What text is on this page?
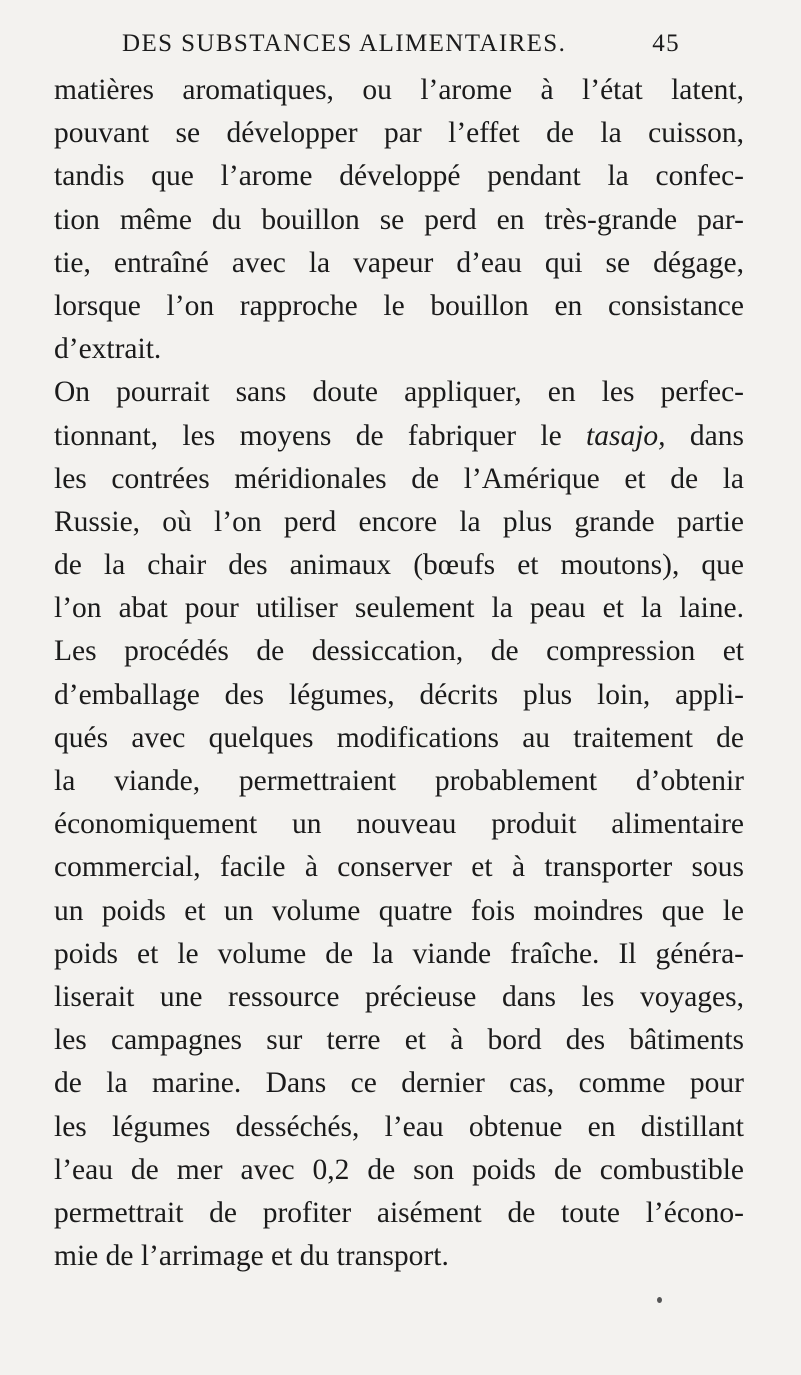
DES SUBSTANCES ALIMENTAIRES.	45
matières aromatiques, ou l’arome à l’état latent,
pouvant se développer par l’effet de la cuisson,
tandis que l’arome développé pendant la confec-
tion même du bouillon se perd en très-grande par-
tie, entraîné avec la vapeur d’eau qui se dégage,
lorsque l’on rapproche le bouillon en consistance
d’extrait.
On pourrait sans doute appliquer, en les perfec-
tionnant, les moyens de fabriquer le tasajo, dans
les contrées méridionales de l’Amérique et de la
Russie, où l’on perd encore la plus grande partie
de la chair des animaux (bœufs et moutons), que
l’on abat pour utiliser seulement la peau et la laine.
Les procédés de dessiccation, de compression et
d’emballage des légumes, décrits plus loin, appli-
qués avec quelques modifications au traitement de
la viande, permettraient probablement d’obtenir
économiquement un nouveau produit alimentaire
commercial, facile à conserver et à transporter sous
un poids et un volume quatre fois moindres que le
poids et le volume de la viande fraîche. Il généra-
liserait une ressource précieuse dans les voyages,
les campagnes sur terre et à bord des bâtiments
de la marine. Dans ce dernier cas, comme pour
les légumes desséchés, l’eau obtenue en distillant
l’eau de mer avec 0,2 de son poids de combustible
permettrait de profiter aisément de toute l’écono-
mie de l’arrimage et du transport.
